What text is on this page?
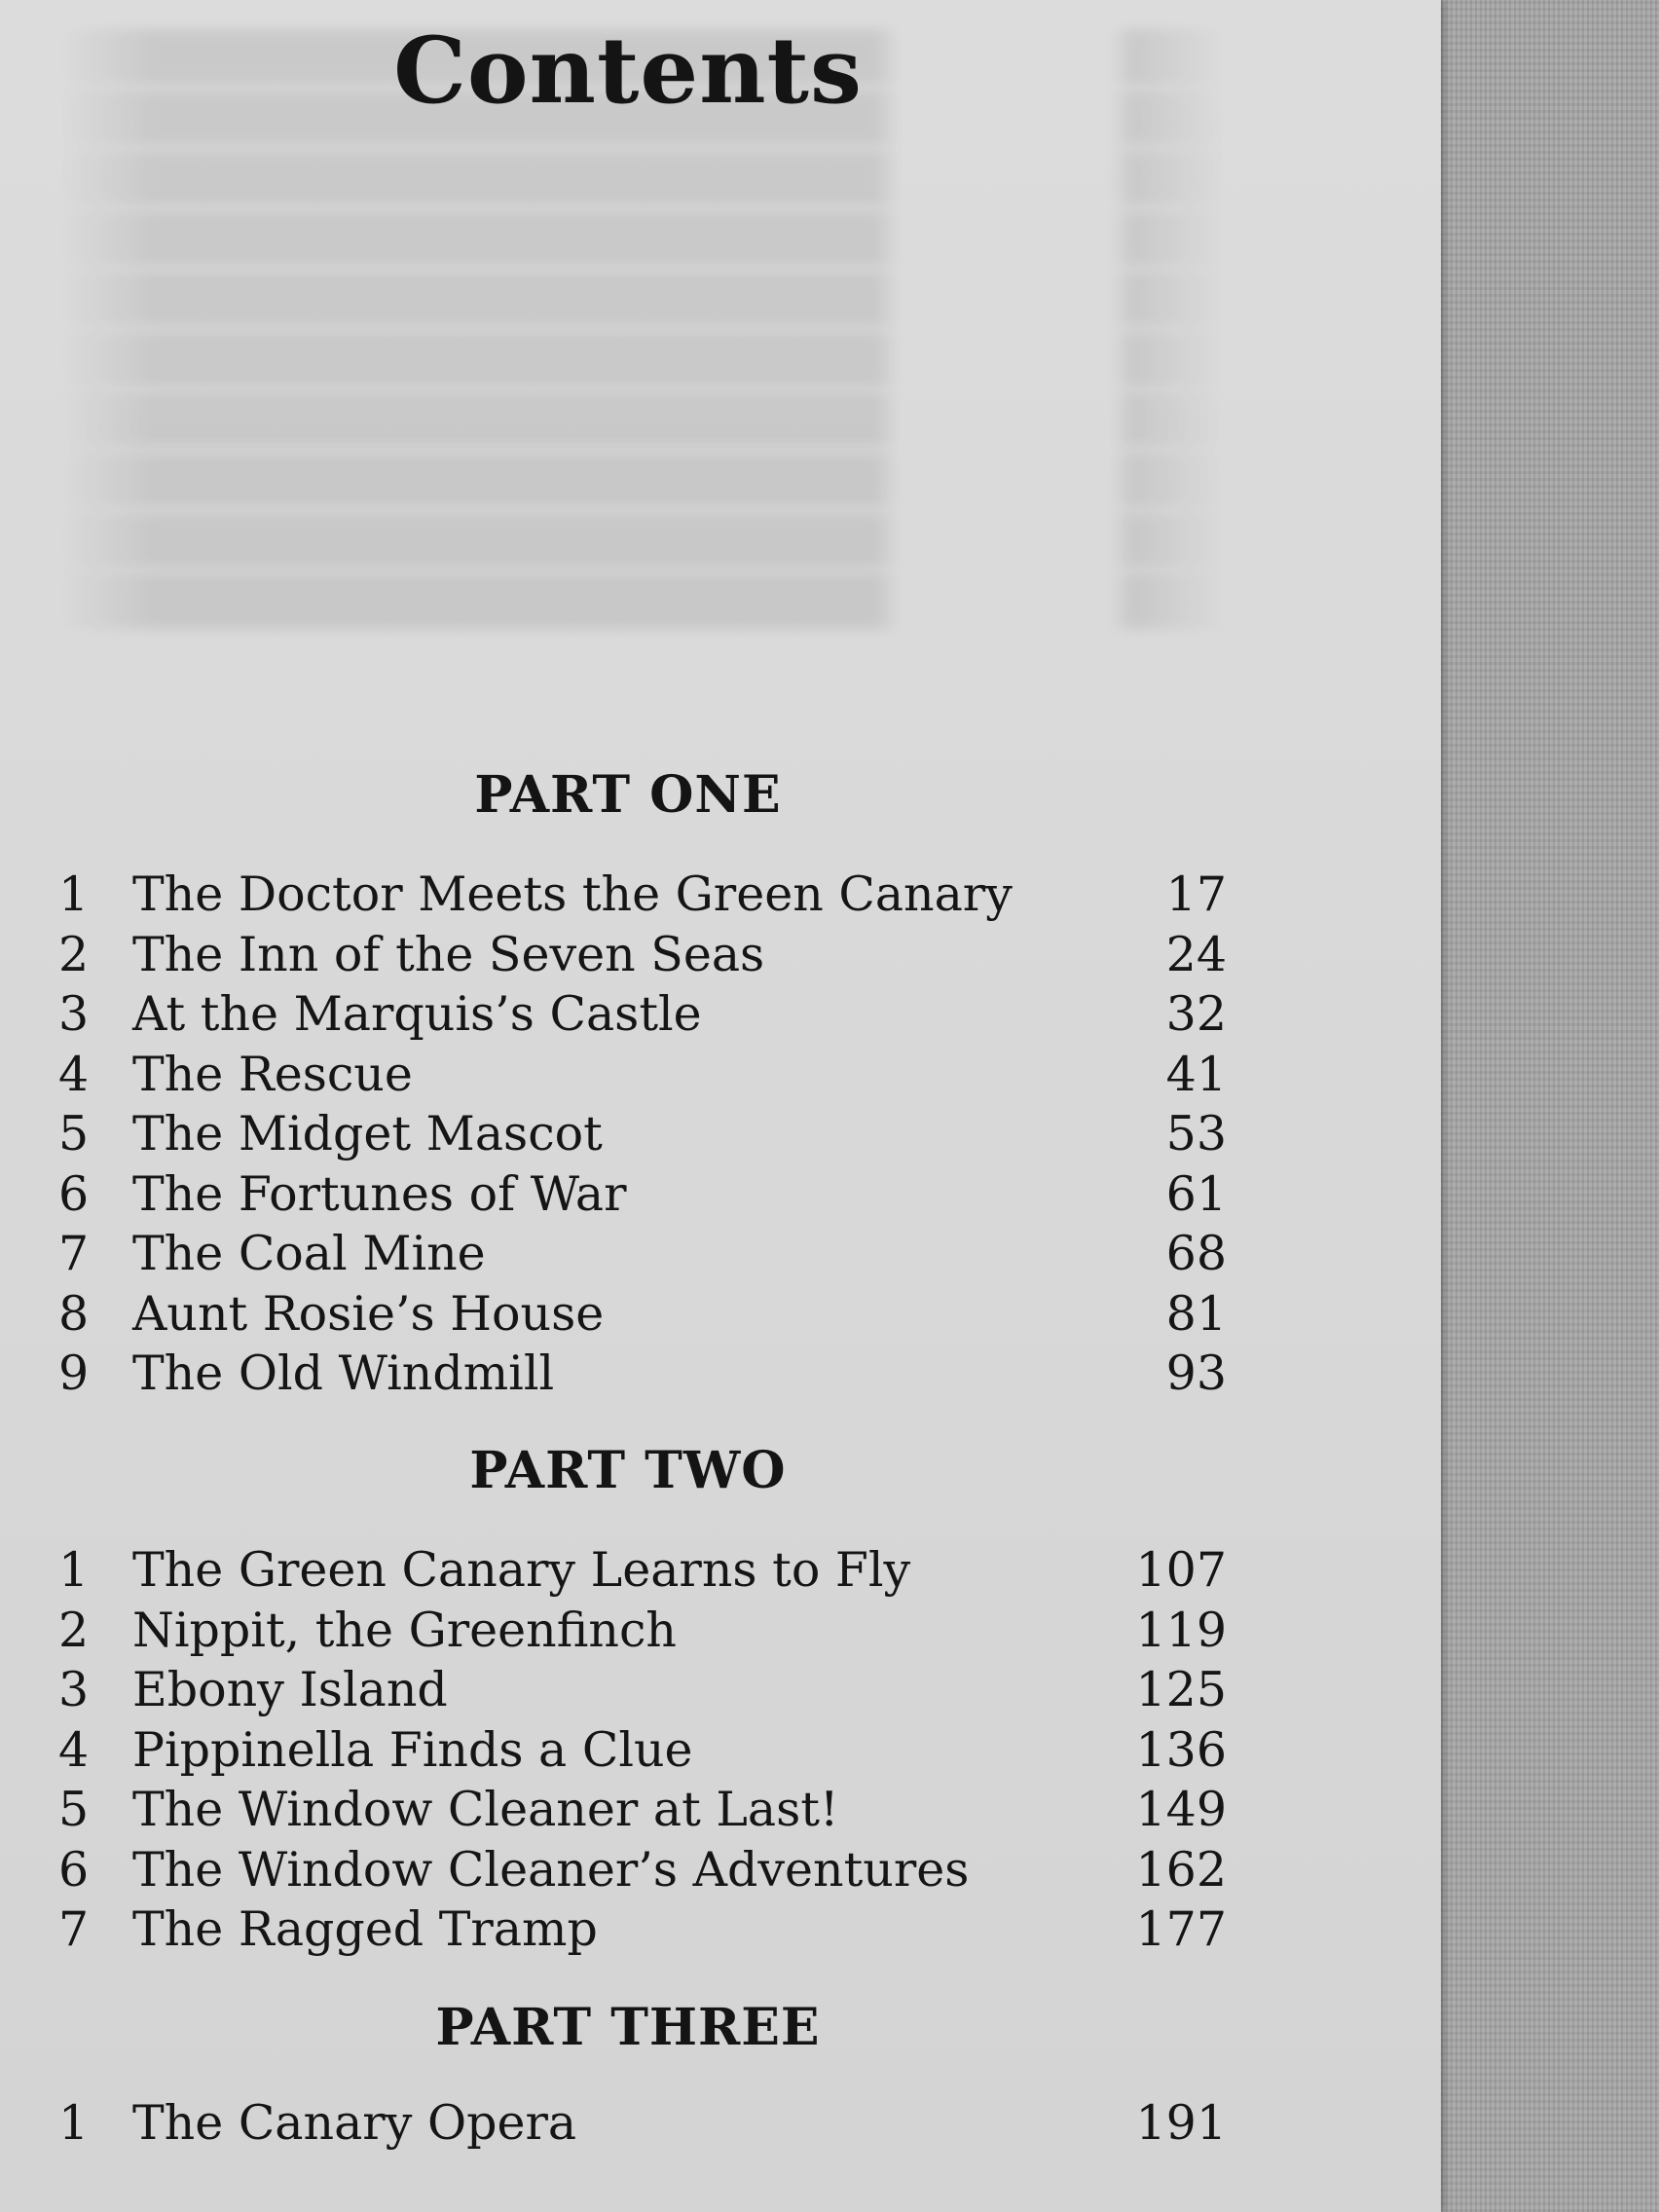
Contents
PART ONE
1 The Doctor Meets the Green Canary	17
2 The Inn of the Seven Seas	24
3 At the Marquis’s Castle	32
4 The Rescue	41
5 The Midget Mascot	53
6 The Fortunes of War	61
7 The Coal Mine	68
8 Aunt Rosie’s House	81
9 The Old Windmill	93
PART TWO
1 The Green Canary Learns to Fly	107
2 Nippit, the Greenfinch	119
3 Ebony Island	125
4 Pippinella Finds a Clue	136
5 The Window Cleaner at Last!	149
6 The Window Cleaner’s Adventures	162
7 The Ragged Tramp	177
PART THREE
1 The Canary Opera	191
